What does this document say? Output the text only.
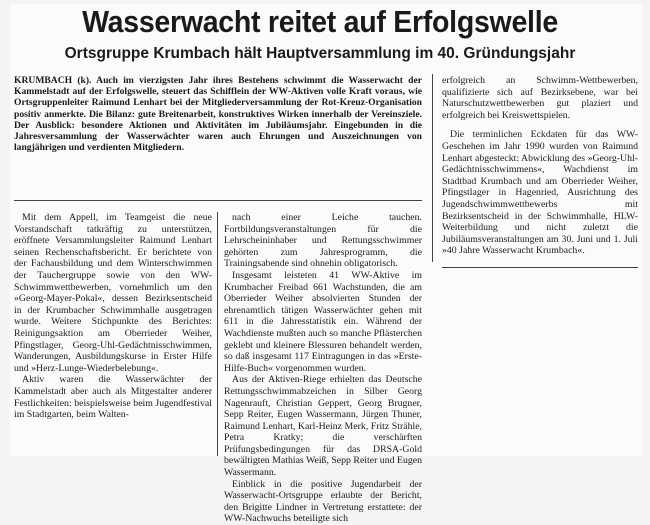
Wasserwacht reitet auf Erfolgswelle
Ortsgruppe Krumbach hält Hauptversammlung im 40. Gründungsjahr
KRUMBACH (k). Auch im vierzigsten Jahr ihres Bestehens schwimmt die Wasserwacht der Kammelstadt auf der Erfolgswelle, steuert das Schifflein der WW-Aktiven volle Kraft voraus, wie Ortsgruppenleiter Raimund Lenhart bei der Mitgliederversammlung der Rot-Kreuz-Organisation positiv anmerkte. Die Bilanz: gute Breitenarbeit, konstruktives Wirken innerhalb der Vereinsziele. Der Ausblick: besondere Aktionen und Aktivitäten im Jubiläumsjahr. Eingebunden in die Jahresversammlung der Wasserwächter waren auch Ehrungen und Auszeichnungen von langjährigen und verdienten Mitgliedern.

Mit dem Appell, im Teamgeist die neue Vorstandschaft tatkräftig zu unterstützen, eröffnete Versammlungsleiter Raimund Lenhart seinen Rechenschaftsbericht. Er berichtete von der Fachausbildung und dem Winterschwimmen der Tauchergruppe sowie von den WW-Schwimmwettbewerben, vornehmlich um den »Georg-Mayer-Pokal«, dessen Bezirksentscheid in der Krumbacher Schwimmhalle ausgetragen wurde. Weitere Stichpunkte des Berichtes: Reinigungsaktion am Oberrieder Weiher, Pfingstlager, Georg-Uhl-Gedächtnisschwimmen, Wanderungen, Ausbildungskurse in Erster Hilfe und »Herz-Lunge-Wiederbelebung«.

Aktiv waren die Wasserwächter der Kammelstadt aber auch als Mitgestalter anderer Festlichkeiten: beispielsweise beim Jugendfestival im Stadtgarten, beim Walten-

nach einer Leiche tauchen. Fortbildungsveranstaltungen für die Lehrscheininhaber und Rettungsschwimmer gehörten zum Jahresprogramm, die Trainingsabende sind ohnehin obligatorisch.

Insgesamt leisteten 41 WW-Aktive im Krumbacher Freibad 661 Wachstunden, die am Oberrieder Weiher absolvierten Stunden der ehrenamtlich tätigen Wasserwächter gehen mit 611 in die Jahresstatistik ein. Während der Wachdienste mußten auch so manche Pflästerchen geklebt und kleinere Blessuren behandelt werden, so daß insgesamt 117 Eintragungen in das »Erste-Hilfe-Buch« vorgenommen wurden.

Aus der Aktiven-Riege erhielten das Deutsche Rettungsschwimmabzeichen in Silber Georg Nagenrauft, Christian Geppert, Georg Brugner, Sepp Reiter, Eugen Wassermann, Jürgen Thuner, Raimund Lenhart, Karl-Heinz Merk, Fritz Strähle, Petra Kratky; die verschärften Prüfungsbedingungen für das DRSA-Gold bewältigten Mathias Weiß, Sepp Reiter und Eugen Wassermann.

Einblick in die positive Jugendarbeit der Wasserwacht-Ortsgruppe erlaubte der Bericht, den Brigitte Lindner in Vertretung erstattete: der WW-Nachwuchs beteiligte sich

erfolgreich an Schwimm-Wettbewerben, qualifizierte sich auf Bezirksebene, war bei Naturschutzwettbewerben gut plaziert und erfolgreich bei Kreiswettspielen.

Die terminlichen Eckdaten für das WW-Geschehen im Jahr 1990 wurden von Raimund Lenhart abgesteckt: Abwicklung des »Georg-Uhl-Gedächtnisschwimmens«, Wachdienst im Stadtbad Krumbach und am Oberrieder Weiher, Pfingstlager in Hagenried, Ausrichtung des Jugendschwimmwettbewerbs mit Bezirksentscheid in der Schwimmhalle, HLW-Weiterbildung und nicht zuletzt die Jubiläumsveranstaltungen am 30. Juni und 1. Juli »40 Jahre Wasserwacht Krumbach«.
